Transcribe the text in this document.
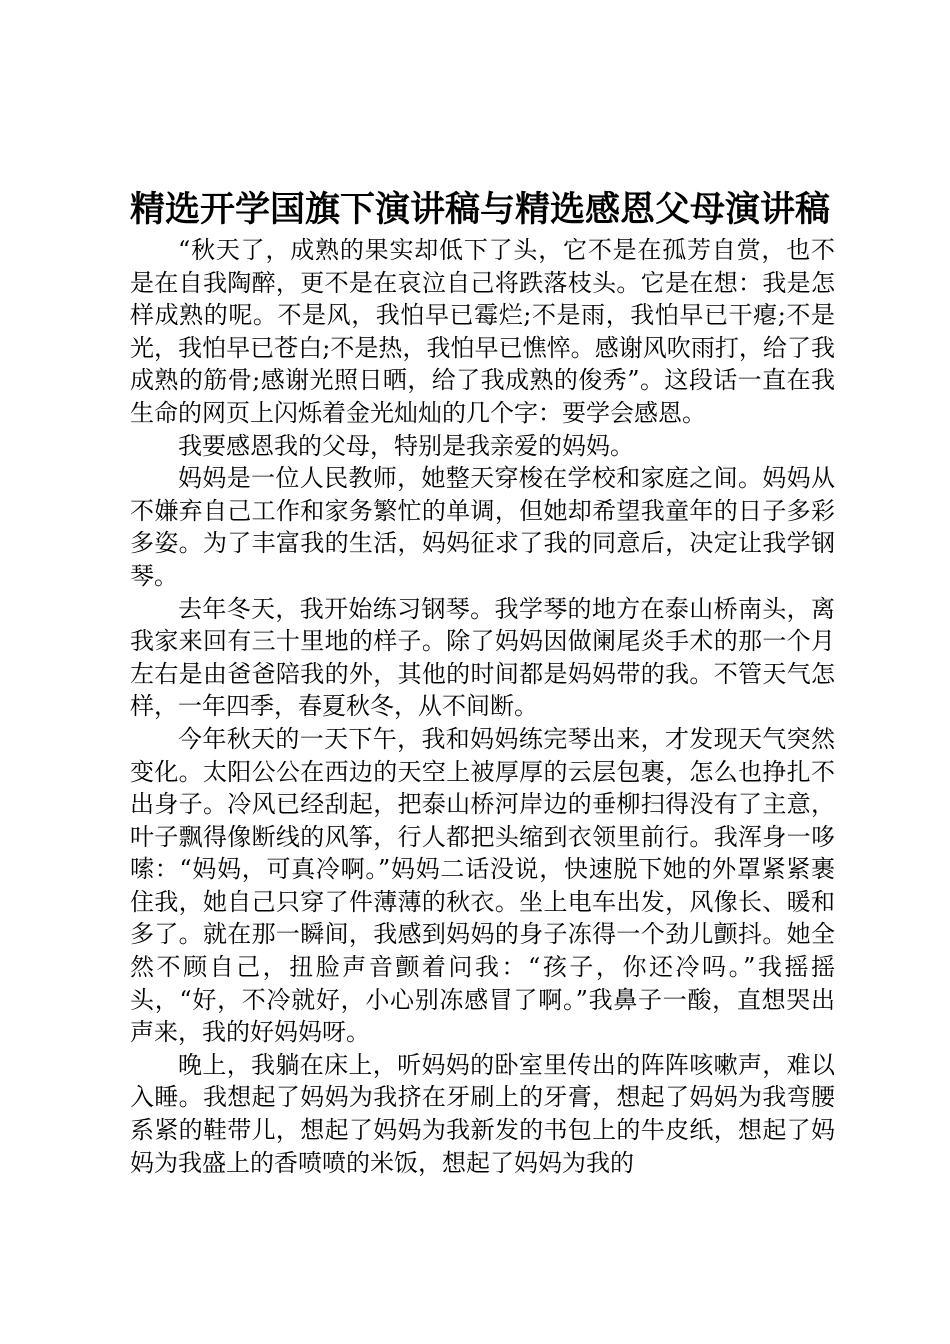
精选开学国旗下演讲稿与精选感恩父母演讲稿

“秋天了，成熟的果实却低下了头，它不是在孤芳自赏，也不是在自我陶醉，更不是在哀泣自己将跌落枝头。它是在想：我是怎样成熟的呢。不是风，我怕早已霉烂;不是雨，我怕早已干瘪;不是光，我怕早已苍白;不是热，我怕早已憔悴。感谢风吹雨打，给了我成熟的筋骨;感谢光照日晒，给了我成熟的俊秀”。这段话一直在我生命的网页上闪烁着金光灿灿的几个字：要学会感恩。

我要感恩我的父母，特别是我亲爱的妈妈。

妈妈是一位人民教师，她整天穿梭在学校和家庭之间。妈妈从不嫌弃自己工作和家务繁忙的单调，但她却希望我童年的日子多彩多姿。为了丰富我的生活，妈妈征求了我的同意后，决定让我学钢琴。

去年冬天，我开始练习钢琴。我学琴的地方在泰山桥南头，离我家来回有三十里地的样子。除了妈妈因做阑尾炎手术的那一个月左右是由爸爸陪我的外，其他的时间都是妈妈带的我。不管天气怎样，一年四季，春夏秋冬，从不间断。

今年秋天的一天下午，我和妈妈练完琴出来，才发现天气突然变化。太阳公公在西边的天空上被厚厚的云层包裹，怎么也挣扎不出身子。冷风已经刮起，把泰山桥河岸边的垂柳扫得没有了主意，叶子飘得像断线的风筝，行人都把头缩到衣领里前行。我浑身一哆嗦：“妈妈，可真冷啊。”妈妈二话没说，快速脱下她的外罩紧紧裹住我，她自己只穿了件薄薄的秋衣。坐上电车出发，风像长、暖和多了。就在那一瞬间，我感到妈妈的身子冻得一个劲儿颤抖。她全然不顾自己，扭脸声音颤着问我：“孩子，你还冷吗。”我摇摇头，“好，不冷就好，小心别冻感冒了啊。”我鼻子一酸，直想哭出声来，我的好妈妈呀。

晚上，我躺在床上，听妈妈的卧室里传出的阵阵咳嗽声，难以入睡。我想起了妈妈为我挤在牙刷上的牙膏，想起了妈妈为我弯腰系紧的鞋带儿，想起了妈妈为我新发的书包上的牛皮纸，想起了妈妈为我盛上的香喷喷的米饭，想起了妈妈为我的
